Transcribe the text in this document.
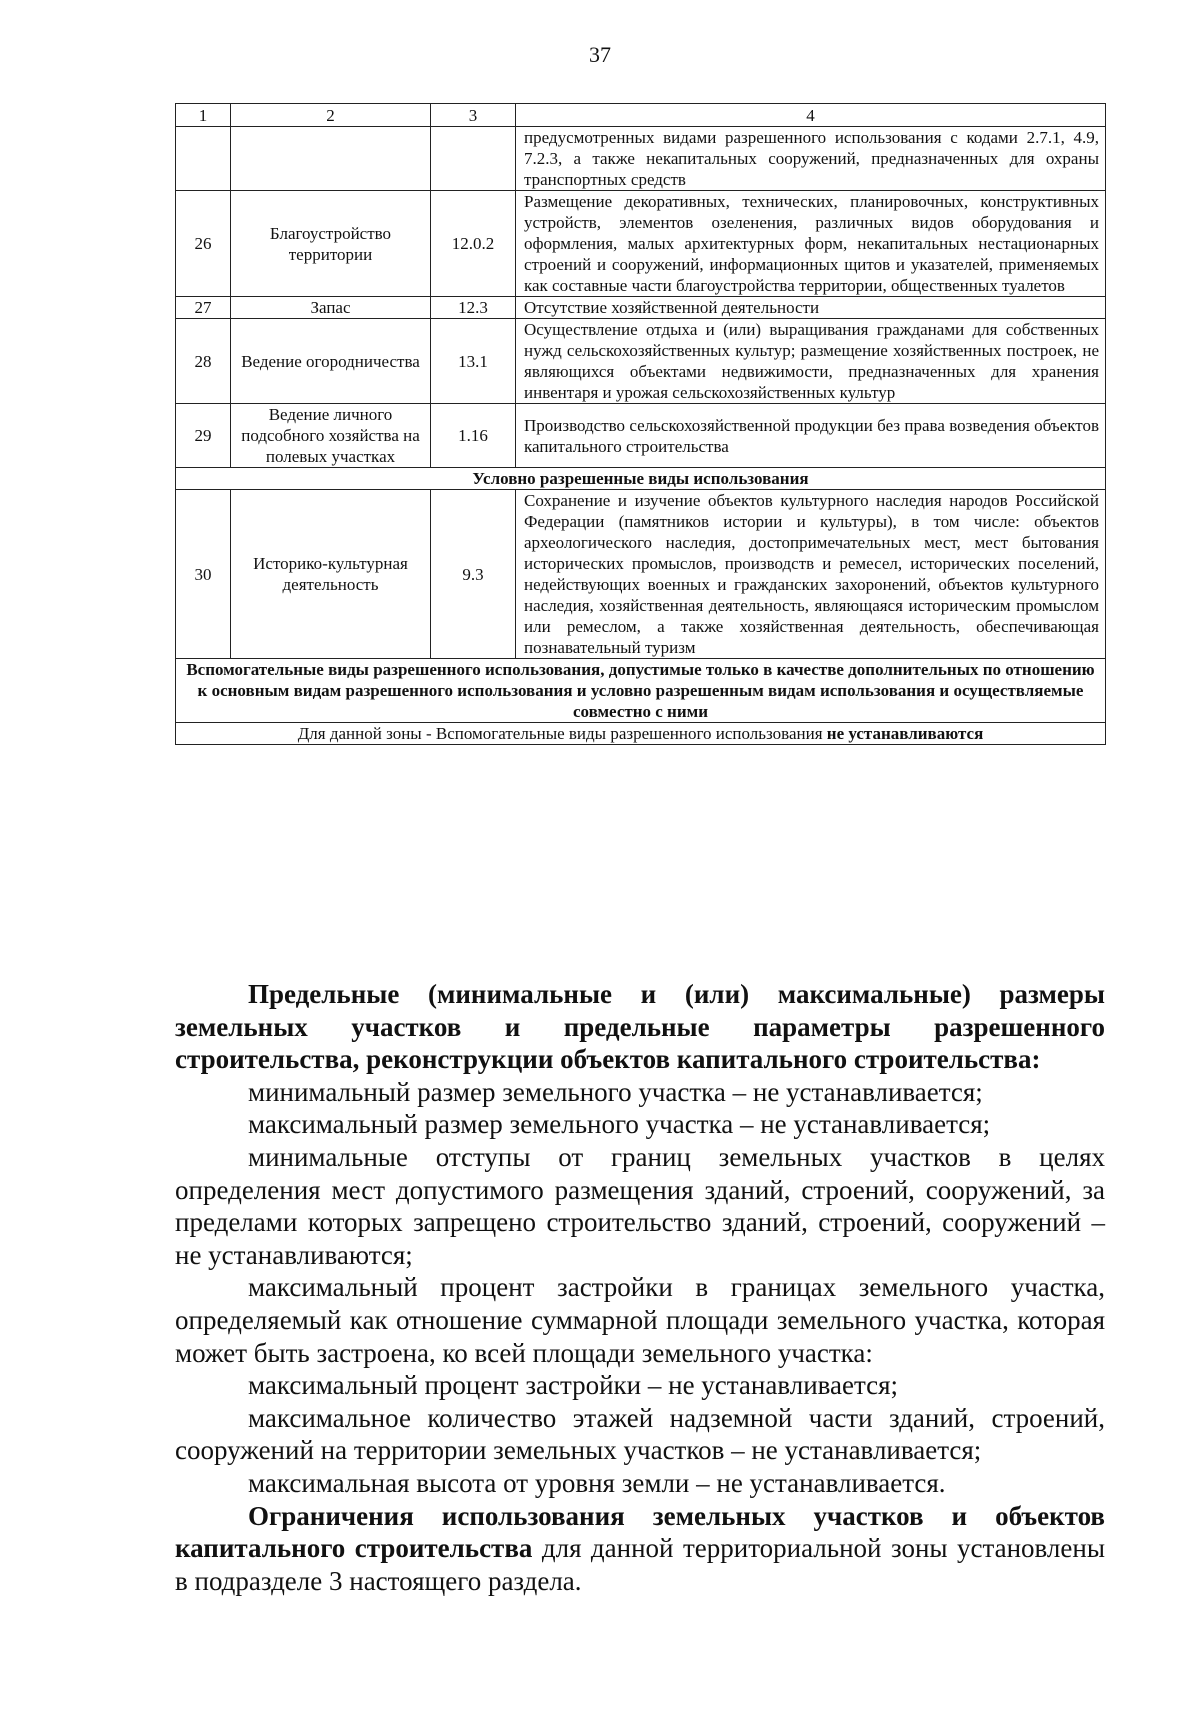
37
1	2	3	4
			предусмотренных видами разрешенного использования с кодами 2.7.1, 4.9, 7.2.3, а также некапитальных сооружений, предназначенных для охраны транспортных средств
26	Благоустройство территории	12.0.2	Размещение декоративных, технических, планировочных, конструктивных устройств, элементов озеленения, различных видов оборудования и оформления, малых архитектурных форм, некапитальных нестационарных строений и сооружений, информационных щитов и указателей, применяемых как составные части благоустройства территории, общественных туалетов
27	Запас	12.3	Отсутствие хозяйственной деятельности
28	Ведение огородничества	13.1	Осуществление отдыха и (или) выращивания гражданами для собственных нужд сельскохозяйственных культур; размещение хозяйственных построек, не являющихся объектами недвижимости, предназначенных для хранения инвентаря и урожая сельскохозяйственных культур
29	Ведение личного подсобного хозяйства на полевых участках	1.16	Производство сельскохозяйственной продукции без права возведения объектов капитального строительства
Условно разрешенные виды использования			
30	Историко-культурная деятельность	9.3	Сохранение и изучение объектов культурного наследия народов Российской Федерации (памятников истории и культуры), в том числе: объектов археологического наследия, достопримечательных мест, мест бытования исторических промыслов, производств и ремесел, исторических поселений, недействующих военных и гражданских захоронений, объектов культурного наследия, хозяйственная деятельность, являющаяся историческим промыслом или ремеслом, а также хозяйственная деятельность, обеспечивающая познавательный туризм
Вспомогательные виды разрешенного использования, допустимые только в качестве дополнительных по отношению к основным видам разрешенного использования и условно разрешенным видам использования и осуществляемые совместно с ними			
Для данной зоны - Вспомогательные виды разрешенного использования не устанавливаются			

Предельные (минимальные и (или) максимальные) размеры земельных участков и предельные параметры разрешенного строительства, реконструкции объектов капитального строительства:

минимальный размер земельного участка – не устанавливается;

максимальный размер земельного участка – не устанавливается;

минимальные отступы от границ земельных участков в целях определения мест допустимого размещения зданий, строений, сооружений, за пределами которых запрещено строительство зданий, строений, сооружений – не устанавливаются;

максимальный процент застройки в границах земельного участка, определяемый как отношение суммарной площади земельного участка, которая может быть застроена, ко всей площади земельного участка:

максимальный процент застройки – не устанавливается;

максимальное количество этажей надземной части зданий, строений, сооружений на территории земельных участков – не устанавливается;

максимальная высота от уровня земли – не устанавливается.

Ограничения использования земельных участков и объектов капитального строительства для данной территориальной зоны установлены в подразделе 3 настоящего раздела.
